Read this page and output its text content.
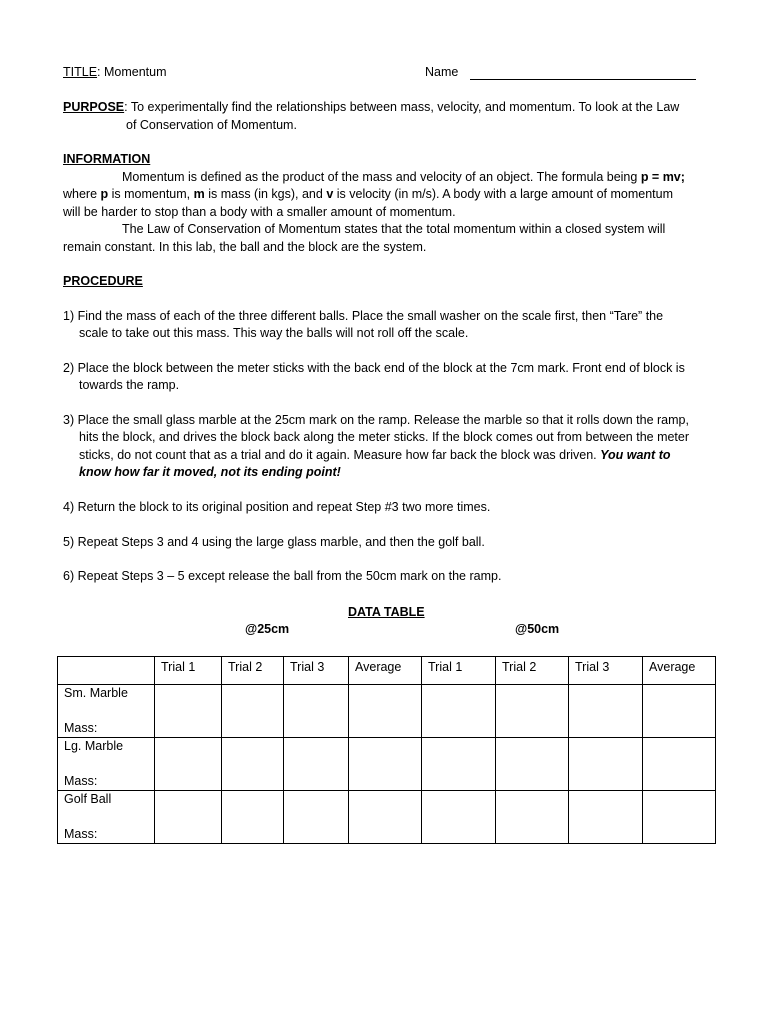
TITLE: Momentum	Name
PURPOSE: To experimentally find the relationships between mass, velocity, and momentum. To look at the Law
of Conservation of Momentum.
INFORMATION
Momentum is defined as the product of the mass and velocity of an object. The formula being p = mv;
where p is momentum, m is mass (in kgs), and v is velocity (in m/s). A body with a large amount of momentum
will be harder to stop than a body with a smaller amount of momentum.
The Law of Conservation of Momentum states that the total momentum within a closed system will
remain constant. In this lab, the ball and the block are the system.
PROCEDURE
1) Find the mass of each of the three different balls. Place the small washer on the scale first, then “Tare” the
scale to take out this mass. This way the balls will not roll off the scale.
2) Place the block between the meter sticks with the back end of the block at the 7cm mark. Front end of block is
towards the ramp.
3) Place the small glass marble at the 25cm mark on the ramp. Release the marble so that it rolls down the ramp,
hits the block, and drives the block back along the meter sticks. If the block comes out from between the meter
sticks, do not count that as a trial and do it again. Measure how far back the block was driven. You want to
know how far it moved, not its ending point!
4) Return the block to its original position and repeat Step #3 two more times.
5) Repeat Steps 3 and 4 using the large glass marble, and then the golf ball.
6) Repeat Steps 3 – 5 except release the ball from the 50cm mark on the ramp.
DATA TABLE
@25cm	@50cm
	Trial 1	Trial 2	Trial 3	Average	Trial 1	Trial 2	Trial 3	Average
Sm. Marble
Mass:								

Lg. Marble
Mass:								

Golf Ball
Mass:								
